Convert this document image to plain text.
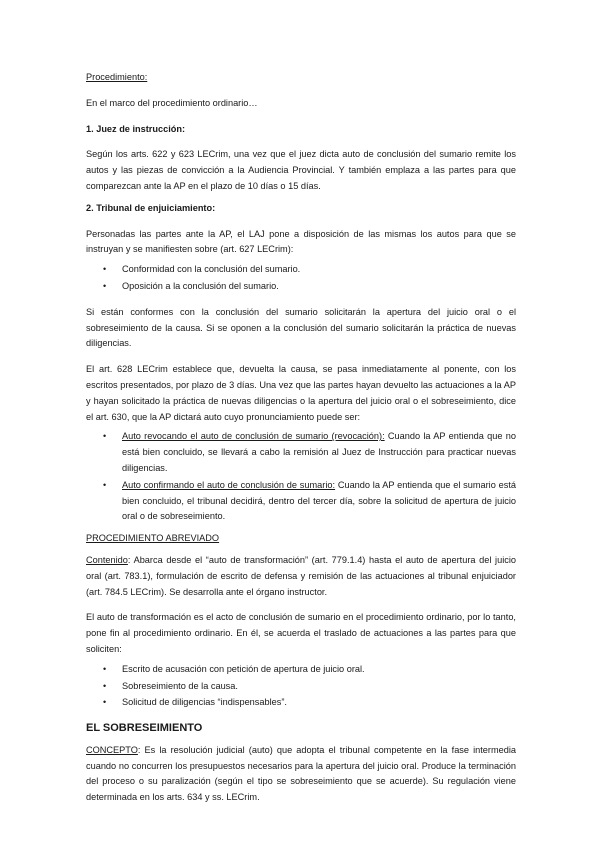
Procedimiento:

En el marco del procedimiento ordinario…

1. Juez de instrucción:

Según los arts. 622 y 623 LECrim, una vez que el juez dicta auto de conclusión del sumario remite los autos y las piezas de convicción a la Audiencia Provincial. Y también emplaza a las partes para que comparezcan ante la AP en el plazo de 10 días o 15 días.

2. Tribunal de enjuiciamiento:

Personadas las partes ante la AP, el LAJ pone a disposición de las mismas los autos para que se instruyan y se manifiesten sobre (art. 627 LECrim):

• Conformidad con la conclusión del sumario.
• Oposición a la conclusión del sumario.

Si están conformes con la conclusión del sumario solicitarán la apertura del juicio oral o el sobreseimiento de la causa. Si se oponen a la conclusión del sumario solicitarán la práctica de nuevas diligencias.

El art. 628 LECrim establece que, devuelta la causa, se pasa inmediatamente al ponente, con los escritos presentados, por plazo de 3 días. Una vez que las partes hayan devuelto las actuaciones a la AP y hayan solicitado la práctica de nuevas diligencias o la apertura del juicio oral o el sobreseimiento, dice el art. 630, que la AP dictará auto cuyo pronunciamiento puede ser:

• Auto revocando el auto de conclusión de sumario (revocación): Cuando la AP entienda que no está bien concluido, se llevará a cabo la remisión al Juez de Instrucción para practicar nuevas diligencias.
• Auto confirmando el auto de conclusión de sumario: Cuando la AP entienda que el sumario está bien concluido, el tribunal decidirá, dentro del tercer día, sobre la solicitud de apertura de juicio oral o de sobreseimiento.

PROCEDIMIENTO ABREVIADO

Contenido: Abarca desde el “auto de transformación” (art. 779.1.4) hasta el auto de apertura del juicio oral (art. 783.1), formulación de escrito de defensa y remisión de las actuaciones al tribunal enjuiciador (art. 784.5 LECrim). Se desarrolla ante el órgano instructor.

El auto de transformación es el acto de conclusión de sumario en el procedimiento ordinario, por lo tanto, pone fin al procedimiento ordinario. En él, se acuerda el traslado de actuaciones a las partes para que soliciten:

• Escrito de acusación con petición de apertura de juicio oral.
• Sobreseimiento de la causa.
• Solicitud de diligencias “indispensables”.

EL SOBRESEIMIENTO

CONCEPTO: Es la resolución judicial (auto) que adopta el tribunal competente en la fase intermedia cuando no concurren los presupuestos necesarios para la apertura del juicio oral. Produce la terminación del proceso o su paralización (según el tipo se sobreseimiento que se acuerde). Su regulación viene determinada en los arts. 634 y ss. LECrim.
